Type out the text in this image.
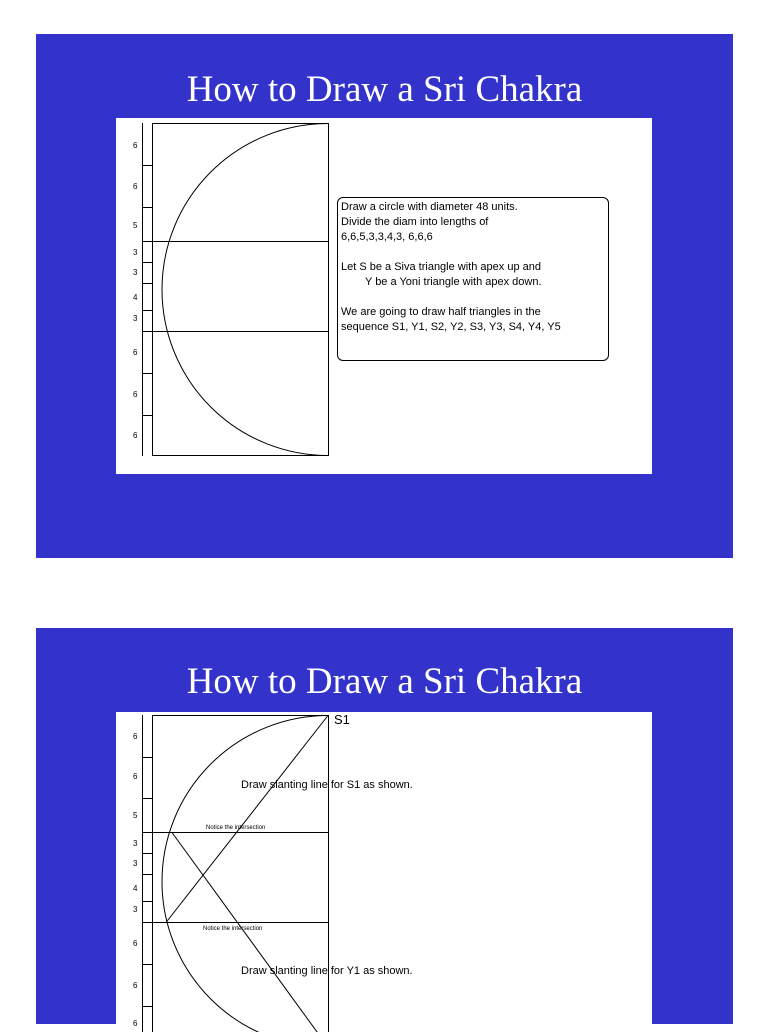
How to Draw a Sri Chakra
6
6
5
3
3
4
3
6
6
6
Draw a circle with diameter 48 units.
Divide the diam into lengths of
6,6,5,3,3,4,3, 6,6,6
Let S be a Siva triangle with apex up and
Y be a Yoni triangle with apex down.
We are going to draw half triangles in the
sequence S1, Y1, S2, Y2, S3, Y3, S4, Y4, Y5
How to Draw a Sri Chakra
6
6
5
3
3
4
3
6
6
6
S1
Draw slanting line for S1 as shown.
Notice the intersection
Notice the intersection
Draw slanting line for Y1 as shown.
